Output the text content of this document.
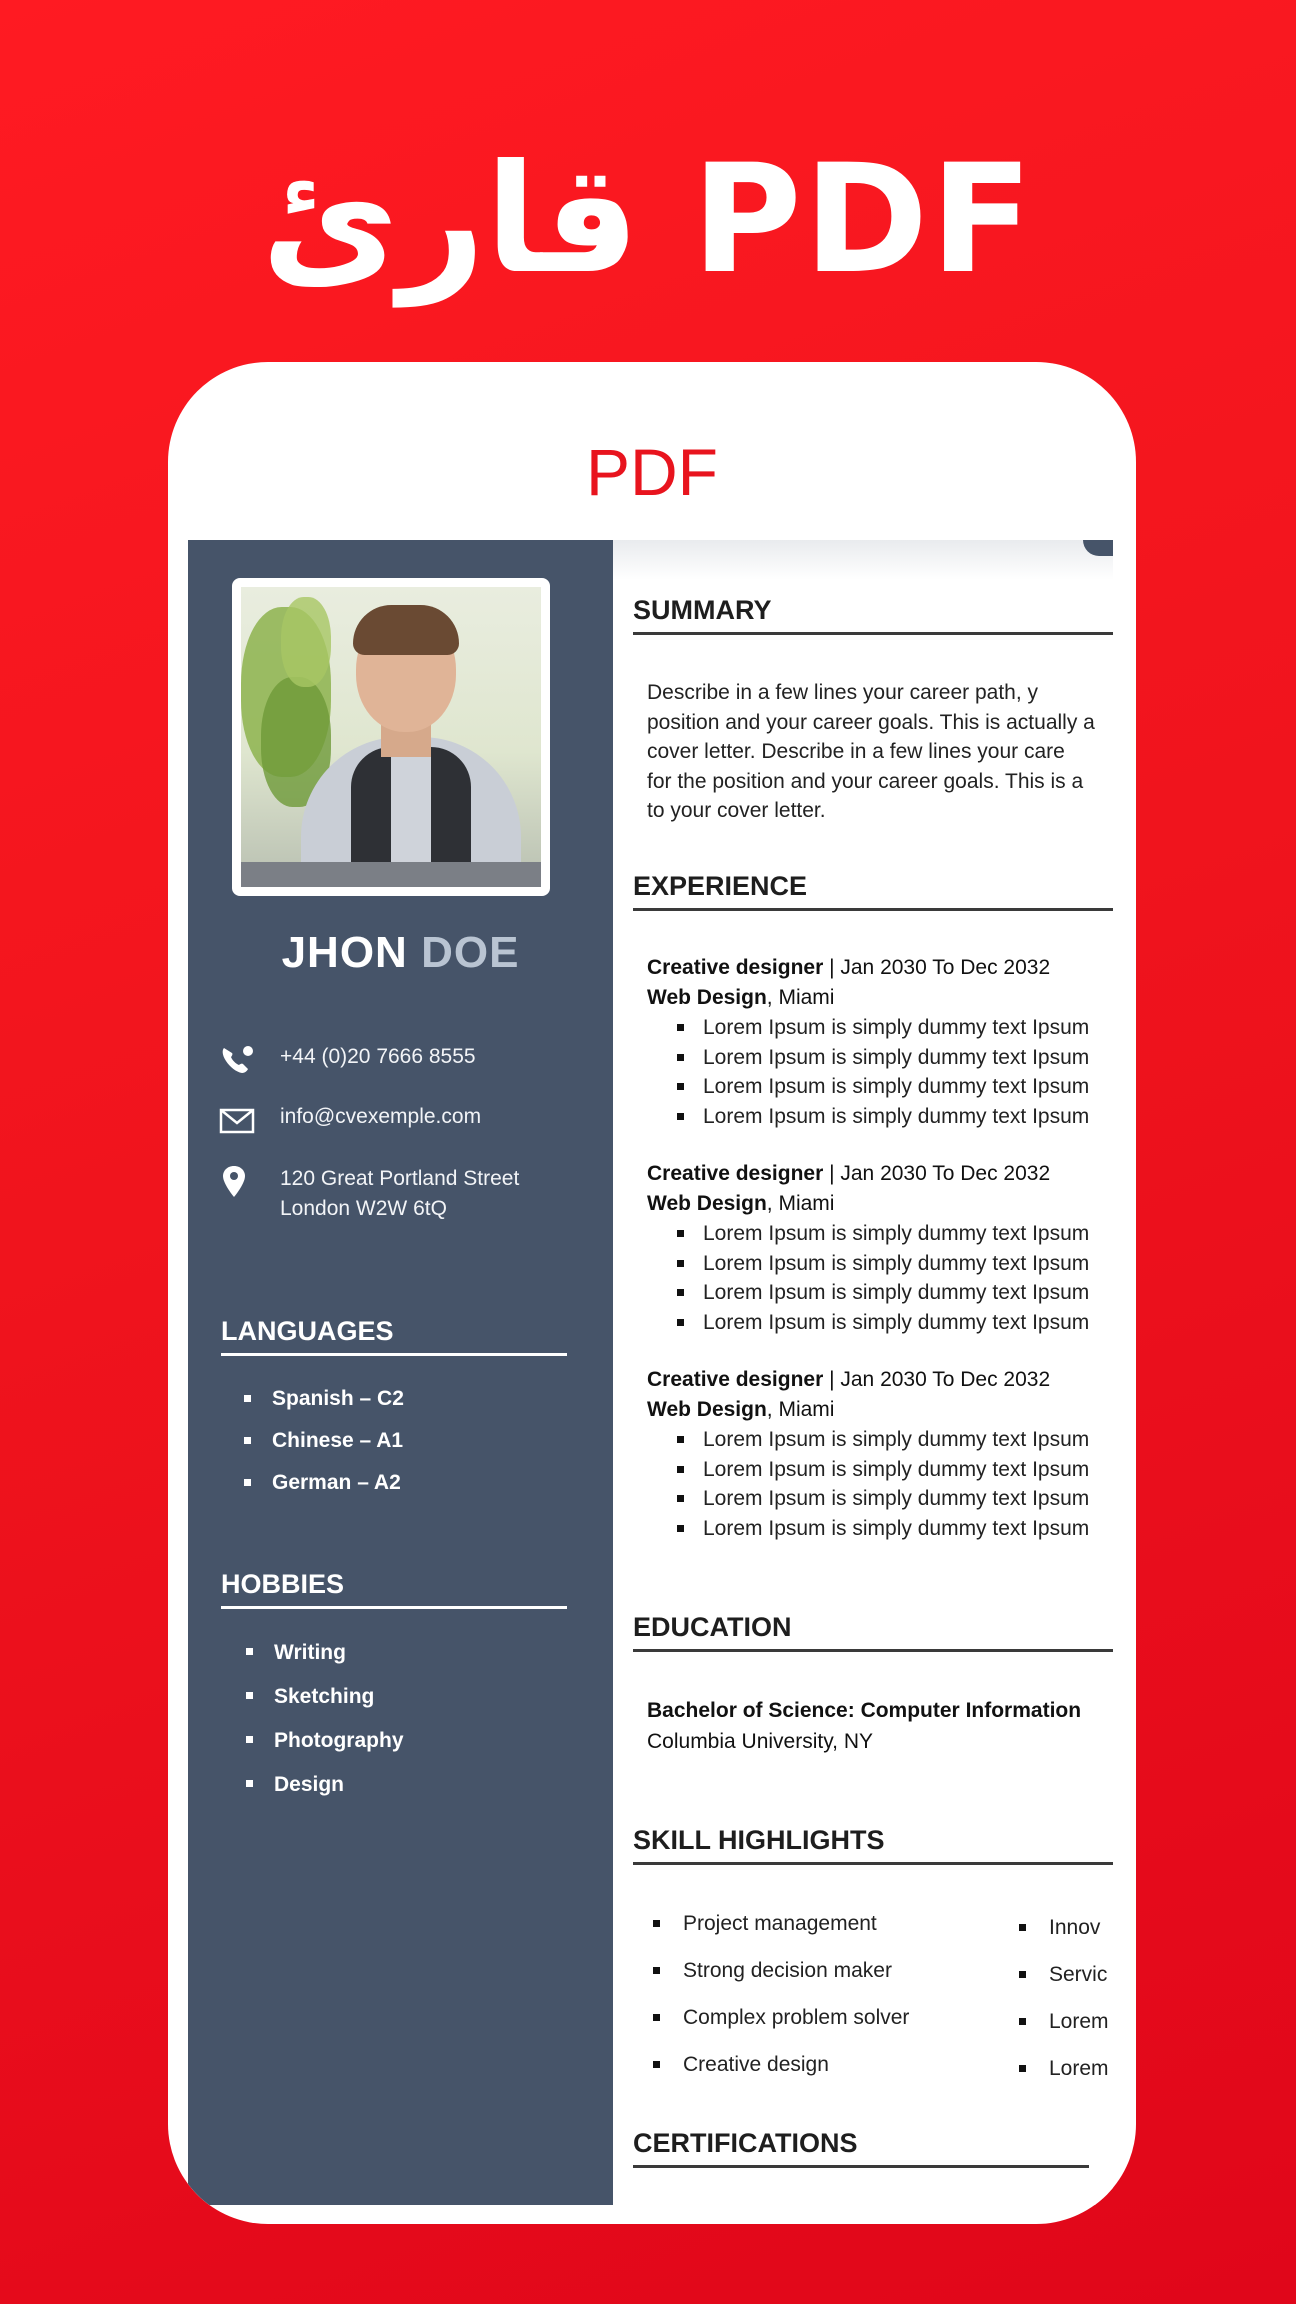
قارئ PDF
PDF
JHON DOE
+44 (0)20 7666 8555
info@cvexemple.com
120 Great Portland Street
London W2W 6tQ
LANGUAGES
Spanish – C2
Chinese – A1
German – A2
HOBBIES
Writing
Sketching
Photography
Design
SUMMARY
Describe in a few lines your career path, y
position and your career goals. This is actually a
cover letter. Describe in a few lines your care
for the position and your career goals. This is a
to your cover letter.
EXPERIENCE
Creative designer | Jan 2030 To Dec 2032
Web Design, Miami
Lorem Ipsum is simply dummy text Ipsum
Lorem Ipsum is simply dummy text Ipsum
Lorem Ipsum is simply dummy text Ipsum
Lorem Ipsum is simply dummy text Ipsum
Creative designer | Jan 2030 To Dec 2032
Web Design, Miami
Lorem Ipsum is simply dummy text Ipsum
Lorem Ipsum is simply dummy text Ipsum
Lorem Ipsum is simply dummy text Ipsum
Lorem Ipsum is simply dummy text Ipsum
Creative designer | Jan 2030 To Dec 2032
Web Design, Miami
Lorem Ipsum is simply dummy text Ipsum
Lorem Ipsum is simply dummy text Ipsum
Lorem Ipsum is simply dummy text Ipsum
Lorem Ipsum is simply dummy text Ipsum
EDUCATION
Bachelor of Science: Computer Information
Columbia University, NY
SKILL HIGHLIGHTS
Project management
Strong decision maker
Complex problem solver
Creative design
Innov
Servic
Lorem
Lorem
CERTIFICATIONS
